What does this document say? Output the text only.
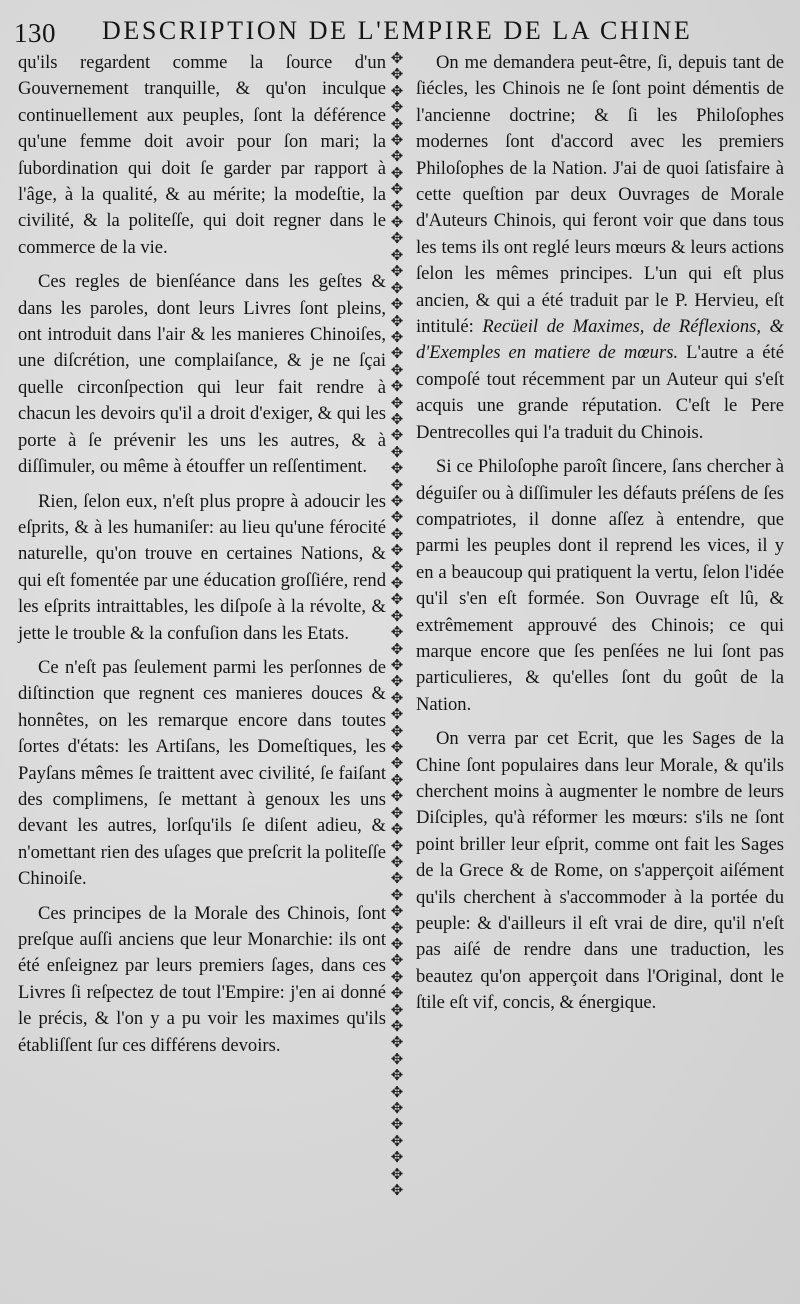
130 DESCRIPTION DE L'EMPIRE DE LA CHINE

qu'ils regardent comme la ſource d'un Gouvernement tranquille, & qu'on inculque continuellement aux peuples, ſont la déférence qu'une femme doit avoir pour ſon mari; la ſubordination qui doit ſe garder par rapport à l'âge, à la qualité, & au mérite; la modeſtie, la civilité, & la politeſſe, qui doit regner dans le commerce de la vie.

Ces regles de bienſéance dans les geſtes & dans les paroles, dont leurs Livres ſont pleins, ont introduit dans l'air & les manieres Chinoiſes, une diſcrétion, une complaiſance, & je ne ſçai quelle circonſpection qui leur fait rendre à chacun les devoirs qu'il a droit d'exiger, & qui les porte à ſe prévenir les uns les autres, & à diſſimuler, ou même à étouffer un reſſentiment.

Rien, ſelon eux, n'eſt plus propre à adoucir les eſprits, & à les humaniſer: au lieu qu'une férocité naturelle, qu'on trouve en certaines Nations, & qui eſt fomentée par une éducation groſſiére, rend les eſprits intraittables, les diſpoſe à la révolte, & jette le trouble & la confuſion dans les Etats.

Ce n'eſt pas ſeulement parmi les perſonnes de diſtinction que regnent ces manieres douces & honnêtes, on les remarque encore dans toutes ſortes d'états: les Artiſans, les Domeſtiques, les Payſans mêmes ſe traittent avec civilité, ſe faiſant des complimens, ſe mettant à genoux les uns devant les autres, lorſqu'ils ſe diſent adieu, & n'omettant rien des uſages que preſcrit la politeſſe Chinoiſe.

Ces principes de la Morale des Chinois, ſont preſque auſſi anciens que leur Monarchie: ils ont été enſeignez par leurs premiers ſages, dans ces Livres ſi reſpectez de tout l'Empire: j'en ai donné le précis, & l'on y a pu voir les maximes qu'ils établiſſent ſur ces différens devoirs.

✥
✥
✥
✥
✥
✥
✥
✥
✥
✥
✥
✥
✥
✥
✥
✥
✥
✥
✥
✥
✥
✥
✥
✥
✥
✥
✥
✥
✥
✥
✥
✥
✥
✥
✥
✥
✥
✥
✥
✥
✥
✥
✥
✥
✥
✥
✥
✥
✥
✥
✥
✥
✥
✥
✥
✥
✥
✥
✥
✥
✥
✥
✥
✥
✥
✥
✥
✥
✥
✥

On me demandera peut-être, ſi, depuis tant de ſiécles, les Chinois ne ſe ſont point démentis de l'ancienne doctrine; & ſi les Philoſophes modernes ſont d'accord avec les premiers Philoſophes de la Nation. J'ai de quoi ſatisfaire à cette queſtion par deux Ouvrages de Morale d'Auteurs Chinois, qui feront voir que dans tous les tems ils ont reglé leurs mœurs & leurs actions ſelon les mêmes principes. L'un qui eſt plus ancien, & qui a été traduit par le P. Hervieu, eſt intitulé: Recüeil de Maximes, de Réflexions, & d'Exemples en matiere de mœurs. L'autre a été compoſé tout récemment par un Auteur qui s'eſt acquis une grande réputation. C'eſt le Pere Dentrecolles qui l'a traduit du Chinois.

Si ce Philoſophe paroît ſincere, ſans chercher à déguiſer ou à diſſimuler les défauts préſens de ſes compatriotes, il donne aſſez à entendre, que parmi les peuples dont il reprend les vices, il y en a beaucoup qui pratiquent la vertu, ſelon l'idée qu'il s'en eſt formée. Son Ouvrage eſt lû, & extrêmement approuvé des Chinois; ce qui marque encore que ſes penſées ne lui ſont pas particulieres, & qu'elles ſont du goût de la Nation.

On verra par cet Ecrit, que les Sages de la Chine ſont populaires dans leur Morale, & qu'ils cherchent moins à augmenter le nombre de leurs Diſciples, qu'à réformer les mœurs: s'ils ne ſont point briller leur eſprit, comme ont fait les Sages de la Grece & de Rome, on s'apperçoit aiſément qu'ils cherchent à s'accommoder à la portée du peuple: & d'ailleurs il eſt vrai de dire, qu'il n'eſt pas aiſé de rendre dans une traduction, les beautez qu'on apperçoit dans l'Original, dont le ſtile eſt vif, concis, & énergique.
